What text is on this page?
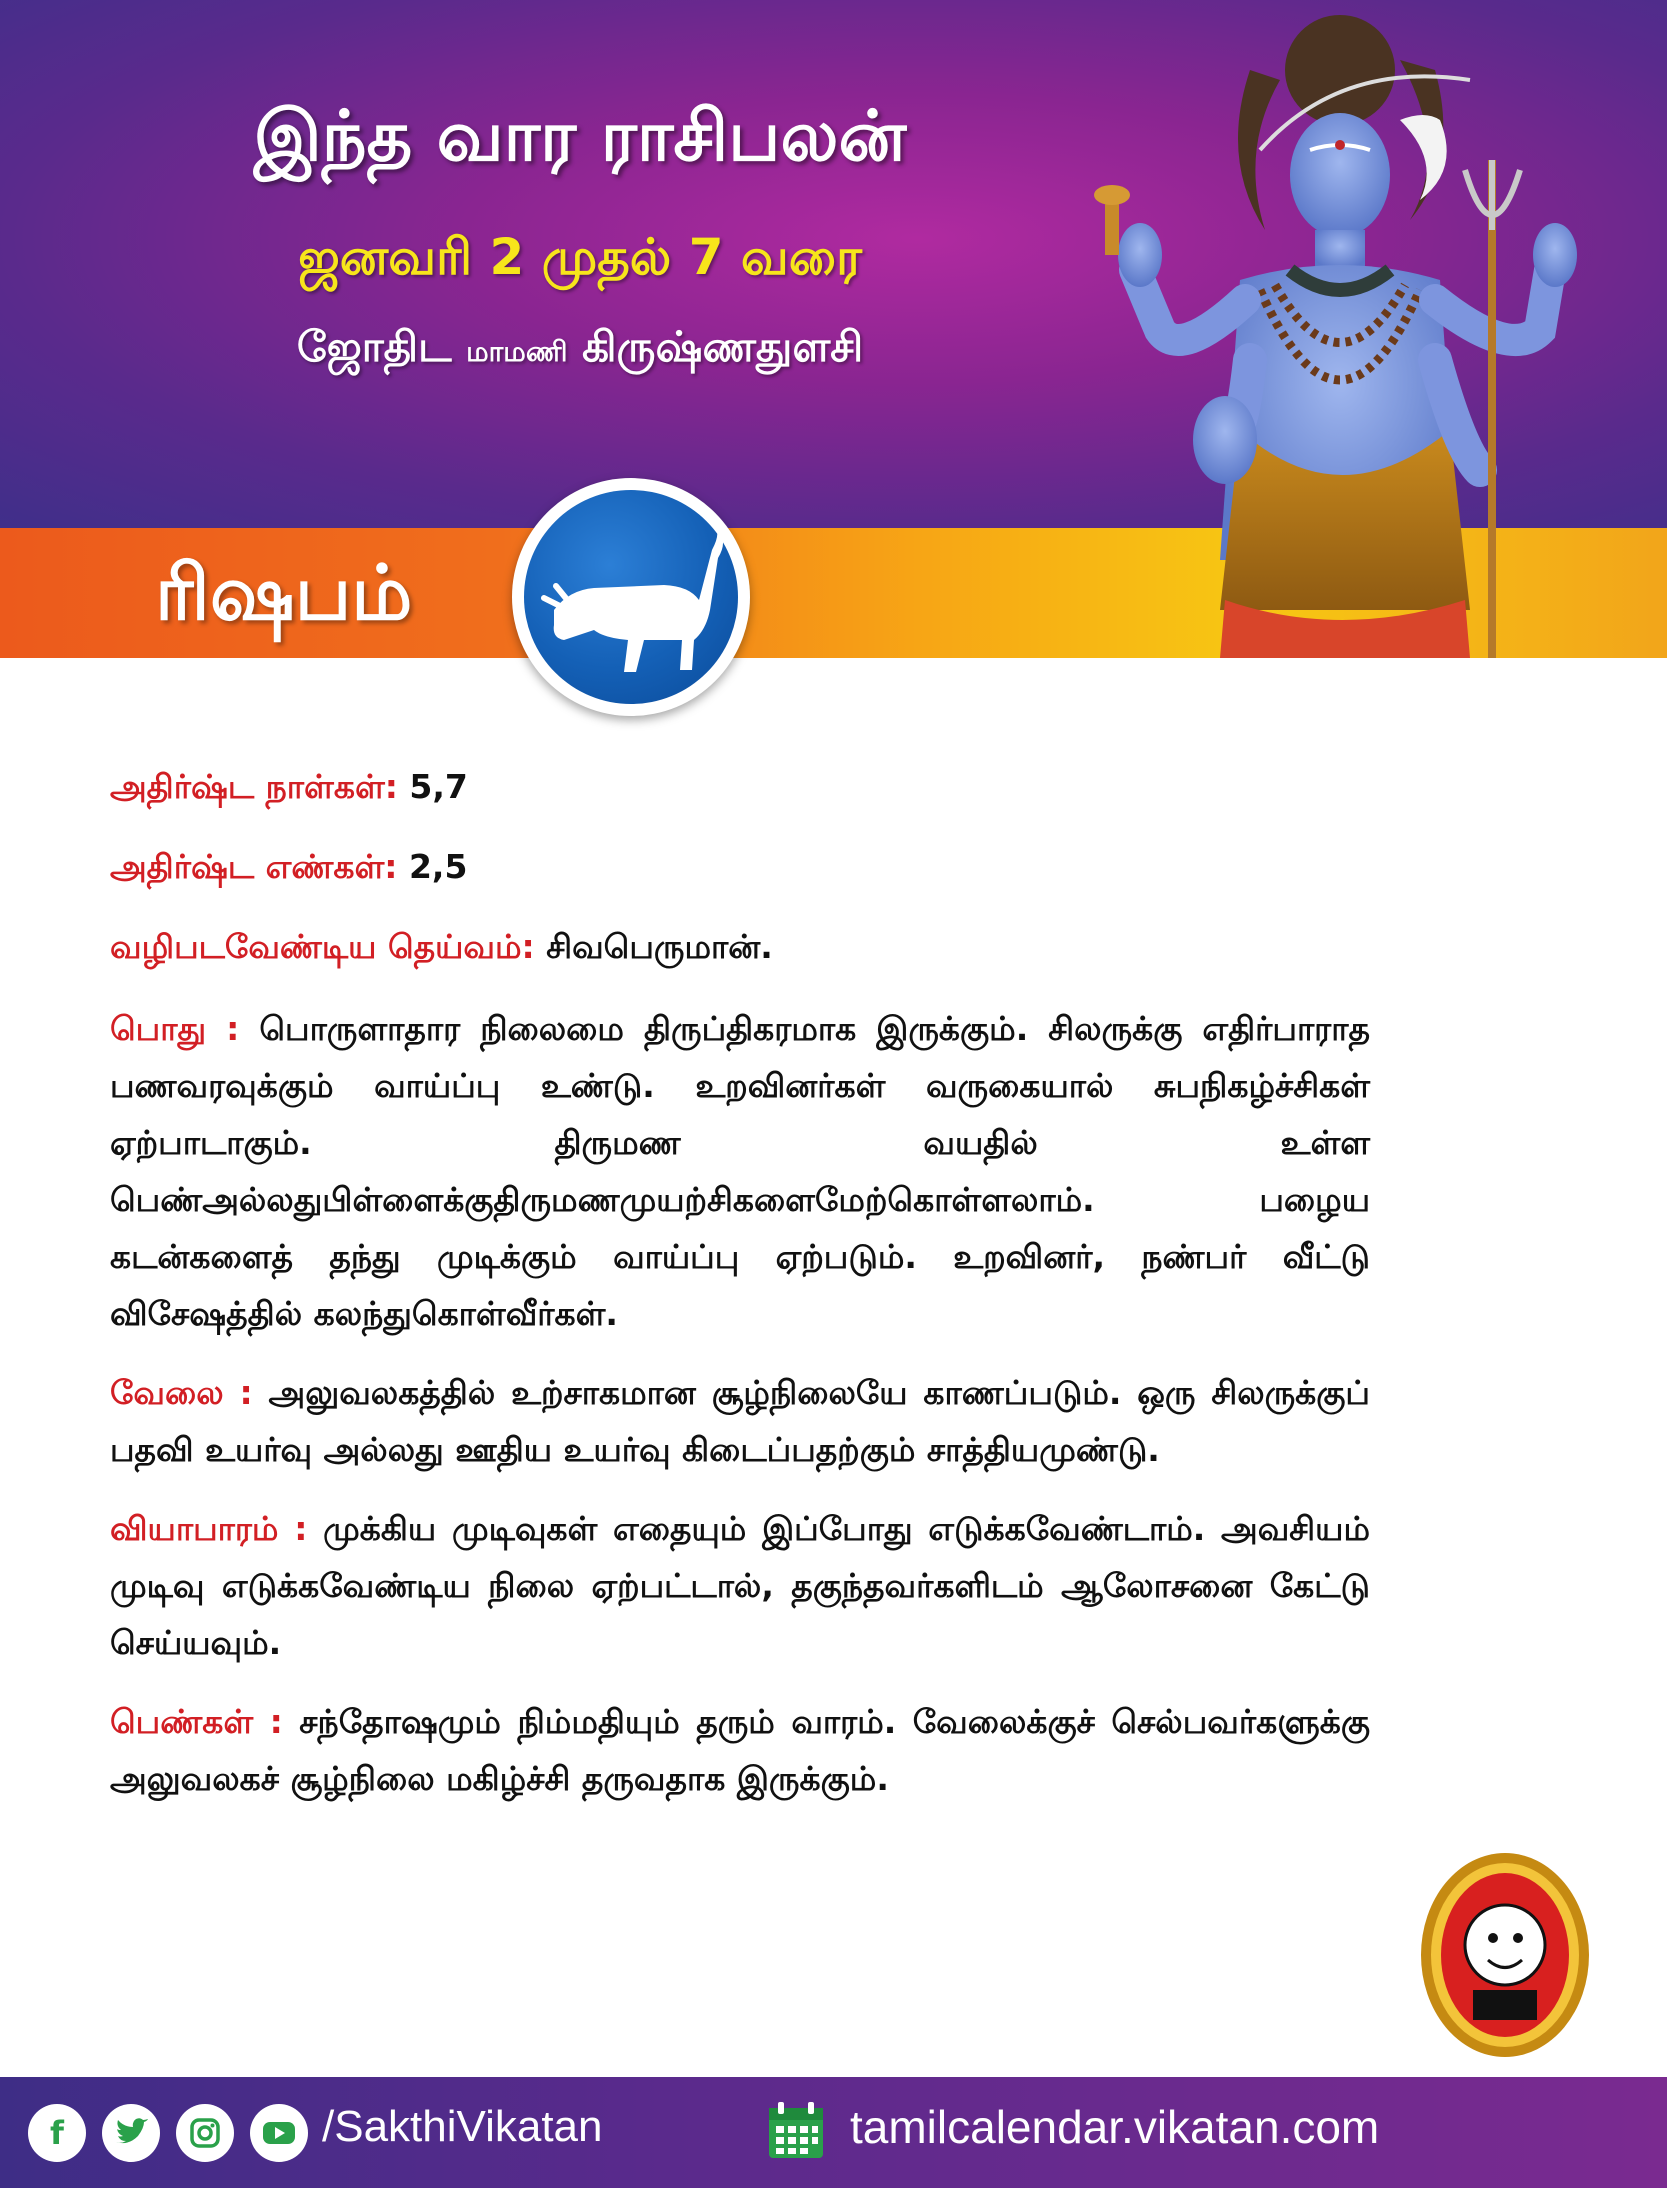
இந்த வார ராசிபலன்
ஜனவரி 2 முதல் 7 வரை
ஜோதிட மாமணி கிருஷ்ணதுளசி
ரிஷபம்
அதிர்ஷ்ட நாள்கள்: 5,7
அதிர்ஷ்ட எண்கள்: 2,5
வழிபடவேண்டிய தெய்வம்: சிவபெருமான்.
பொது : பொருளாதார நிலைமை திருப்திகரமாக இருக்கும். சிலருக்கு எதிர்பாராத பணவரவுக்கும் வாய்ப்பு உண்டு. உறவினர்கள் வருகையால் சுபநிகழ்ச்சிகள் ஏற்பாடாகும். திருமண வயதில் உள்ள பெண்அல்லதுபிள்ளைக்குதிருமணமுயற்சிகளைமேற்கொள்ளலாம். பழைய கடன்களைத் தந்து முடிக்கும் வாய்ப்பு ஏற்படும். உறவினர், நண்பர் வீட்டு விசேஷத்தில் கலந்துகொள்வீர்கள்.
வேலை : அலுவலகத்தில் உற்சாகமான சூழ்நிலையே காணப்படும். ஒரு சிலருக்குப் பதவி உயர்வு அல்லது ஊதிய உயர்வு கிடைப்பதற்கும் சாத்தியமுண்டு.
வியாபாரம் : முக்கிய முடிவுகள் எதையும் இப்போது எடுக்கவேண்டாம். அவசியம் முடிவு எடுக்கவேண்டிய நிலை ஏற்பட்டால், தகுந்தவர்களிடம் ஆலோசனை கேட்டு செய்யவும்.
பெண்கள் : சந்தோஷமும் நிம்மதியும் தரும் வாரம். வேலைக்குச் செல்பவர்களுக்கு அலுவலகச் சூழ்நிலை மகிழ்ச்சி தருவதாக இருக்கும்.
f	/SakthiVikatan	tamilcalendar.vikatan.com
